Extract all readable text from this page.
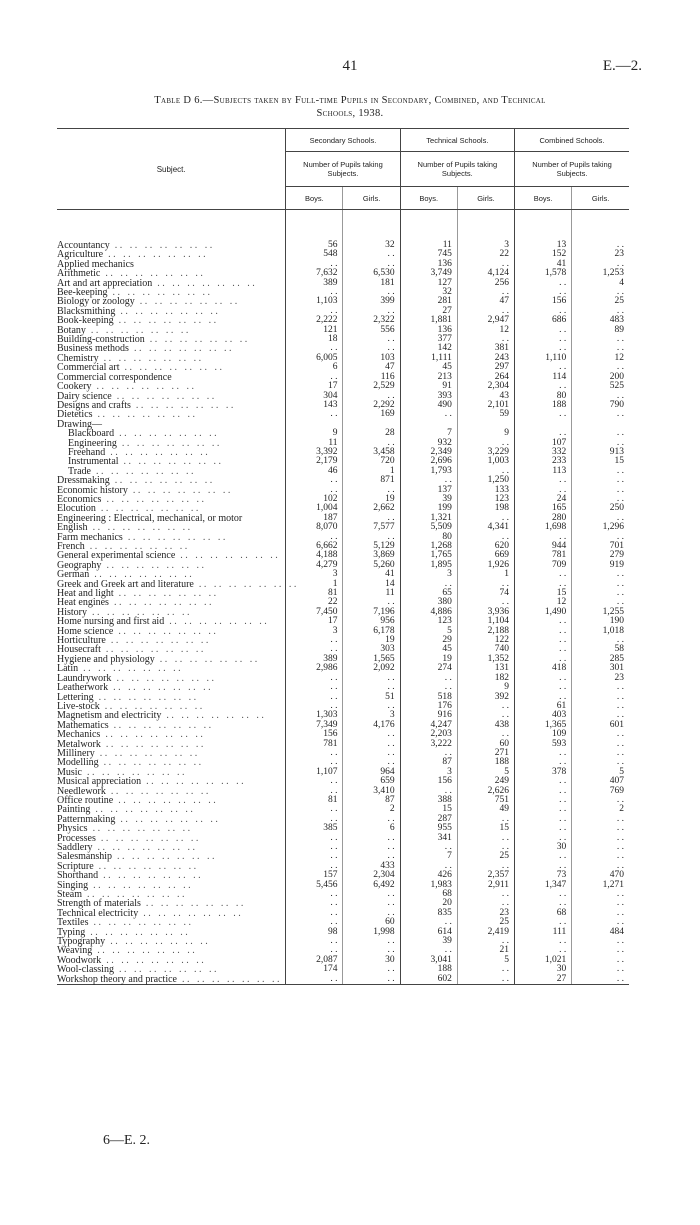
41	E.—2.
Table D 6.—Subjects taken by Full-time Pupils in Secondary, Combined, and Technical
Schools, 1938.
Subject.	Secondary Schools.		Technical Schools.		Combined Schools.	
	Number of Pupils taking Subjects.		Number of Pupils taking Subjects.		Number of Pupils taking Subjects.	
	Boys.	Girls.	Boys.	Girls.	Boys.	Girls.

Accountancy  . .   . .   . .   . .   . .   . .   . .	56	32	11	3	13	. .
Agriculture  . .   . .   . .   . .   . .   . .   . .	548	. .	745	22	152	23
Applied mechanics	. .	. .	136	. .	41	. .
Arithmetic  . .   . .   . .   . .   . .   . .   . .	7,632	6,530	3,749	4,124	1,578	1,253
Art and art appreciation  . .   . .   . .   . .   . .   . .   . .	389	181	127	256	. .	4
Bee-keeping  . .   . .   . .   . .   . .   . .   . .	. .	. .	32	. .	. .	. .
Biology or zoology  . .   . .   . .   . .   . .   . .   . .	1,103	399	281	47	156	25
Blacksmithing  . .   . .   . .   . .   . .   . .   . .	. .	. .	27	. .	. .	. .
Book-keeping  . .   . .   . .   . .   . .   . .   . .	2,222	2,322	1,881	2,947	686	483
Botany  . .   . .   . .   . .   . .   . .   . .	121	556	136	12	. .	89
Building-construction  . .   . .   . .   . .   . .   . .   . .	18	. .	377	. .	. .	. .
Business methods  . .   . .   . .   . .   . .   . .   . .	. .	. .	142	381	. .	. .
Chemistry  . .   . .   . .   . .   . .   . .   . .	6,005	103	1,111	243	1,110	12
Commercial art  . .   . .   . .   . .   . .   . .   . .	6	47	45	297	. .	. .
Commercial correspondence	. .	116	213	264	114	200
Cookery  . .   . .   . .   . .   . .   . .   . .	17	2,529	91	2,304	. .	525
Dairy science  . .   . .   . .   . .   . .   . .   . .	304	. .	393	43	80	. .
Designs and crafts  . .   . .   . .   . .   . .   . .   . .	143	2,292	490	2,101	188	790
Dietetics  . .   . .   . .   . .   . .   . .   . .	. .	169	. .	59	. .	. .
Drawing—						
Blackboard  . .   . .   . .   . .   . .   . .   . .	9	28	7	9	. .	. .
Engineering  . .   . .   . .   . .   . .   . .   . .	11	. .	932	. .	107	. .
Freehand  . .   . .   . .   . .   . .   . .   . .	3,392	3,458	2,349	3,229	332	913
Instrumental  . .   . .   . .   . .   . .   . .   . .	2,179	720	2,696	1,003	233	15
Trade  . .   . .   . .   . .   . .   . .   . .	46	1	1,793	. .	113	. .
Dressmaking  . .   . .   . .   . .   . .   . .   . .	. .	871	. .	1,250	. .	. .
Economic history  . .   . .   . .   . .   . .   . .   . .	. .	. .	137	133	. .	. .
Economics  . .   . .   . .   . .   . .   . .   . .	102	19	39	123	24	. .
Elocution  . .   . .   . .   . .   . .   . .   . .	1,004	2,662	199	198	165	250
Engineering : Electrical, mechanical, or motor	187	. .	1,321	. .	280	. .
English  . .   . .   . .   . .   . .   . .   . .	8,070	7,577	5,509	4,341	1,698	1,296
Farm mechanics  . .   . .   . .   . .   . .   . .   . .	. .	. .	80	. .	. .	. .
French  . .   . .   . .   . .   . .   . .   . .	6,662	5,129	1,268	620	944	701
General experimental science  . .   . .   . .   . .   . .   . .   . .	4,188	3,869	1,765	669	781	279
Geography  . .   . .   . .   . .   . .   . .   . .	4,279	5,260	1,895	1,926	709	919
German  . .   . .   . .   . .   . .   . .   . .	3	41	3	1	. .	. .
Greek and Greek art and literature  . .   . .   . .   . .   . .   . .   . .	1	14	. .	. .	. .	. .
Heat and light  . .   . .   . .   . .   . .   . .   . .	81	11	65	74	15	. .
Heat engines  . .   . .   . .   . .   . .   . .   . .	22	. .	380	. .	12	. .
History  . .   . .   . .   . .   . .   . .   . .	7,450	7,196	4,886	3,936	1,490	1,255
Home nursing and first aid  . .   . .   . .   . .   . .   . .   . .	17	956	123	1,104	. .	190
Home science  . .   . .   . .   . .   . .   . .   . .	3	6,178	5	2,188	. .	1,018
Horticulture  . .   . .   . .   . .   . .   . .   . .	. .	19	29	122	. .	. .
Housecraft  . .   . .   . .   . .   . .   . .   . .	. .	303	45	740	. .	58
Hygiene and physiology  . .   . .   . .   . .   . .   . .   . .	389	1,565	19	1,352	. .	285
Latin  . .   . .   . .   . .   . .   . .   . .	2,986	2,092	274	131	418	301
Laundrywork  . .   . .   . .   . .   . .   . .   . .	. .	. .	. .	182	. .	23
Leatherwork  . .   . .   . .   . .   . .   . .   . .	. .	. .	. .	9	. .	. .
Lettering  . .   . .   . .   . .   . .   . .   . .	. .	51	518	392	. .	. .
Live-stock  . .   . .   . .   . .   . .   . .   . .	. .	. .	176	. .	61	. .
Magnetism and electricity  . .   . .   . .   . .   . .   . .   . .	1,303	3	916	. .	403	. .
Mathematics  . .   . .   . .   . .   . .   . .   . .	7,349	4,176	4,247	438	1,365	601
Mechanics  . .   . .   . .   . .   . .   . .   . .	156	. .	2,203	. .	109	. .
Metalwork  . .   . .   . .   . .   . .   . .   . .	781	. .	3,222	60	593	. .
Millinery  . .   . .   . .   . .   . .   . .   . .	. .	. .	. .	271	. .	. .
Modelling  . .   . .   . .   . .   . .   . .   . .	. .	. .	87	188	. .	. .
Music  . .   . .   . .   . .   . .   . .   . .	1,107	964	3	5	378	5
Musical appreciation  . .   . .   . .   . .   . .   . .   . .	. .	659	156	249	. .	407
Needlework  . .   . .   . .   . .   . .   . .   . .	. .	3,410	. .	2,626	. .	769
Office routine  . .   . .   . .   . .   . .   . .   . .	81	87	388	751	. .	. .
Painting  . .   . .   . .   . .   . .   . .   . .	. .	2	15	49	. .	2
Patternmaking  . .   . .   . .   . .   . .   . .   . .	. .	. .	287	. .	. .	. .
Physics  . .   . .   . .   . .   . .   . .   . .	385	6	955	15	. .	. .
Processes  . .   . .   . .   . .   . .   . .   . .	. .	. .	341	. .	. .	. .
Saddlery  . .   . .   . .   . .   . .   . .   . .	. .	. .	. .	. .	30	. .
Salesmanship  . .   . .   . .   . .   . .   . .   . .	. .	. .	7	25	. .	. .
Scripture  . .   . .   . .   . .   . .   . .   . .	. .	433	. .	. .	. .	. .
Shorthand  . .   . .   . .   . .   . .   . .   . .	157	2,304	426	2,357	73	470
Singing  . .   . .   . .   . .   . .   . .   . .	5,456	6,492	1,983	2,911	1,347	1,271
Steam  . .   . .   . .   . .   . .   . .   . .	. .	. .	68	. .	. .	. .
Strength of materials  . .   . .   . .   . .   . .   . .   . .	. .	. .	20	. .	. .	. .
Technical electricity  . .   . .   . .   . .   . .   . .   . .	. .	. .	835	23	68	. .
Textiles  . .   . .   . .   . .   . .   . .   . .	. .	60	. .	25	. .	. .
Typing  . .   . .   . .   . .   . .   . .   . .	98	1,998	614	2,419	111	484
Typography  . .   . .   . .   . .   . .   . .   . .	. .	. .	39	. .	. .	. .
Weaving  . .   . .   . .   . .   . .   . .   . .	. .	. .	. .	21	. .	. .
Woodwork  . .   . .   . .   . .   . .   . .   . .	2,087	30	3,041	5	1,021	. .
Wool-classing  . .   . .   . .   . .   . .   . .   . .	174	. .	188	. .	30	. .
Workshop theory and practice  . .   . .   . .   . .   . .   . .   . .	. .	. .	602	. .	27	. .
6—E. 2.
